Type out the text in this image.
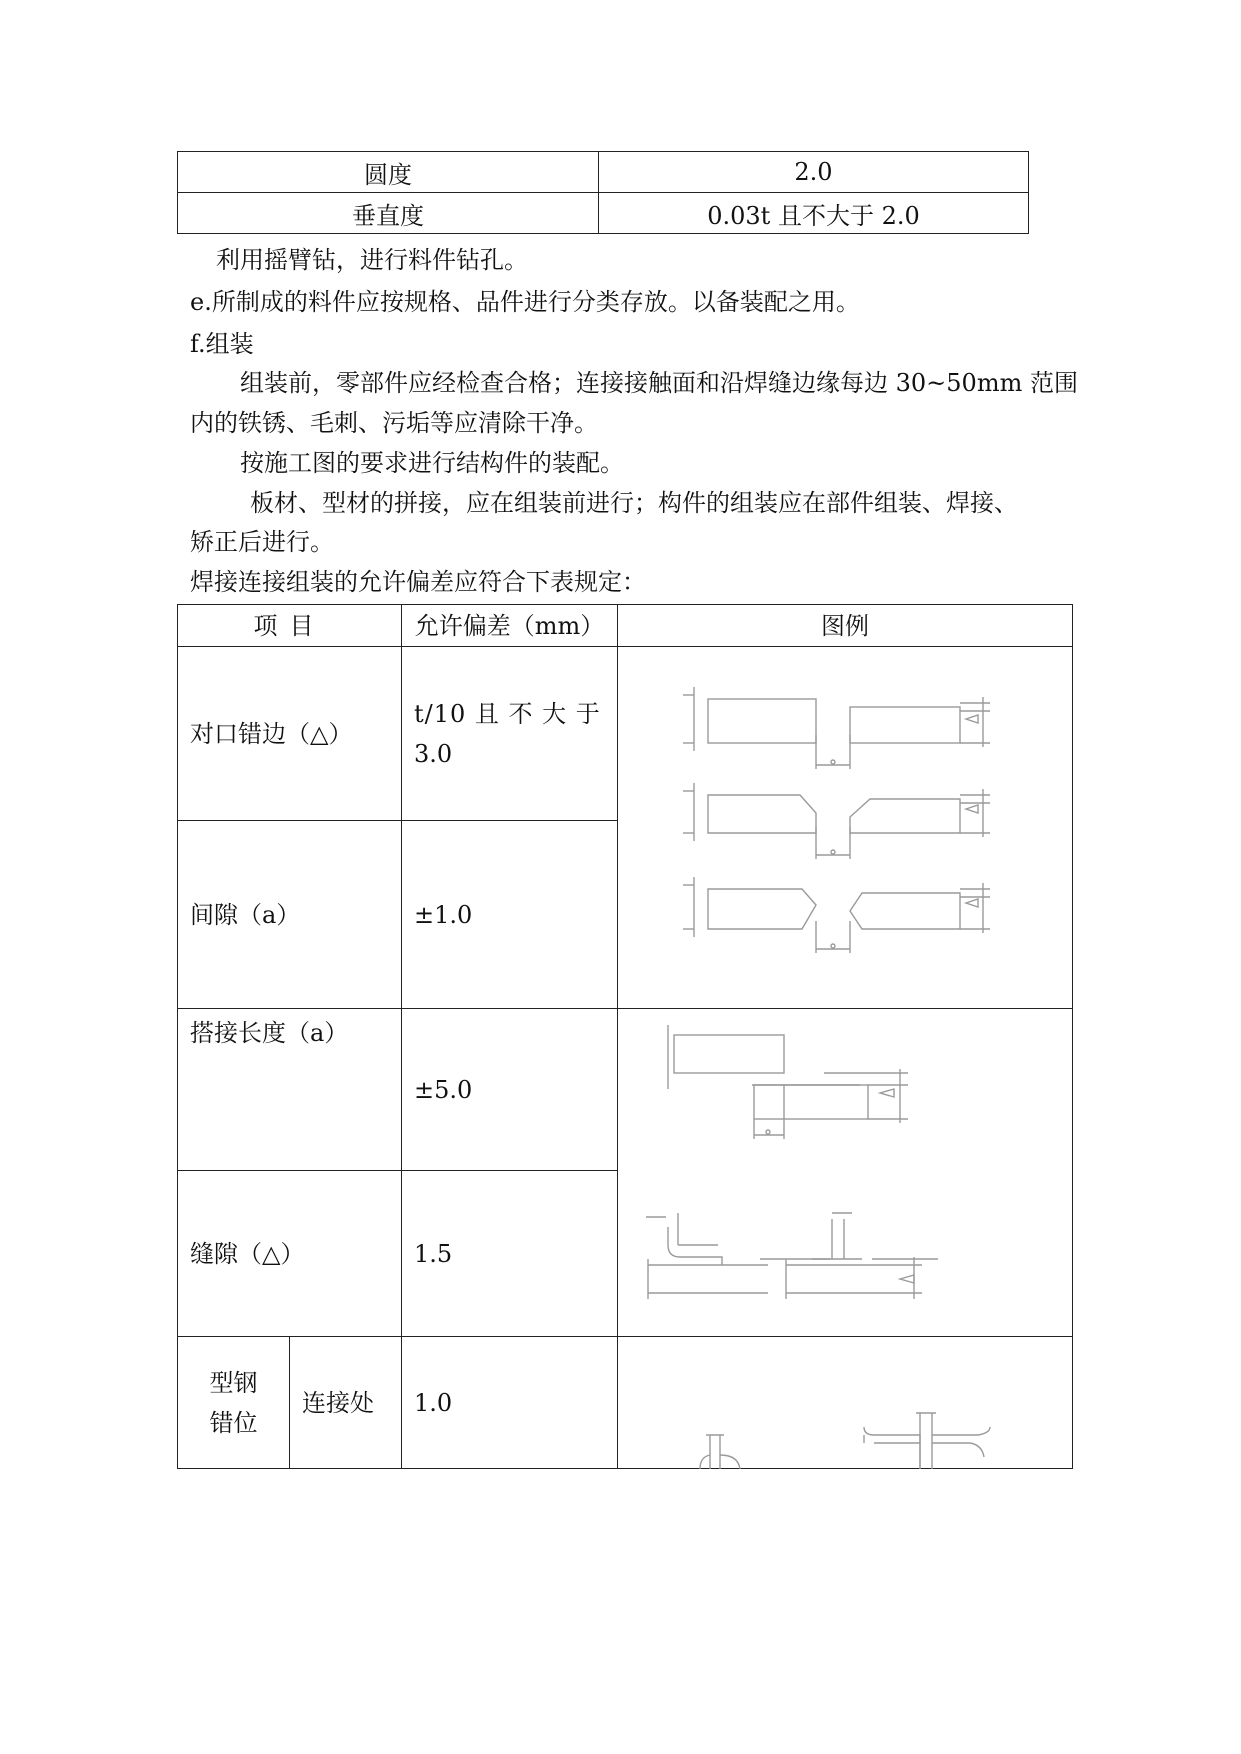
圆度	2.0
垂直度	0.03t 且不大于 2.0
利用摇臂钻，进行料件钻孔。
e.所制成的料件应按规格、品件进行分类存放。以备装配之用。
f.组装
组装前，零部件应经检查合格；连接接触面和沿焊缝边缘每边 30~50mm 范围
内的铁锈、毛刺、污垢等应清除干净。
按施工图的要求进行结构件的装配。
板材、型材的拼接，应在组装前进行；构件的组装应在部件组装、焊接、
矫正后进行。
焊接连接组装的允许偏差应符合下表规定：
项目		允许偏差（mm）	图例
对口错边（△）		t/10 且 不 大 于
3.0

间隙（a）		±1.0	
搭接长度（a）		±5.0	

缝隙（△）		1.5	

型钢
错位	连接处	1.0	
